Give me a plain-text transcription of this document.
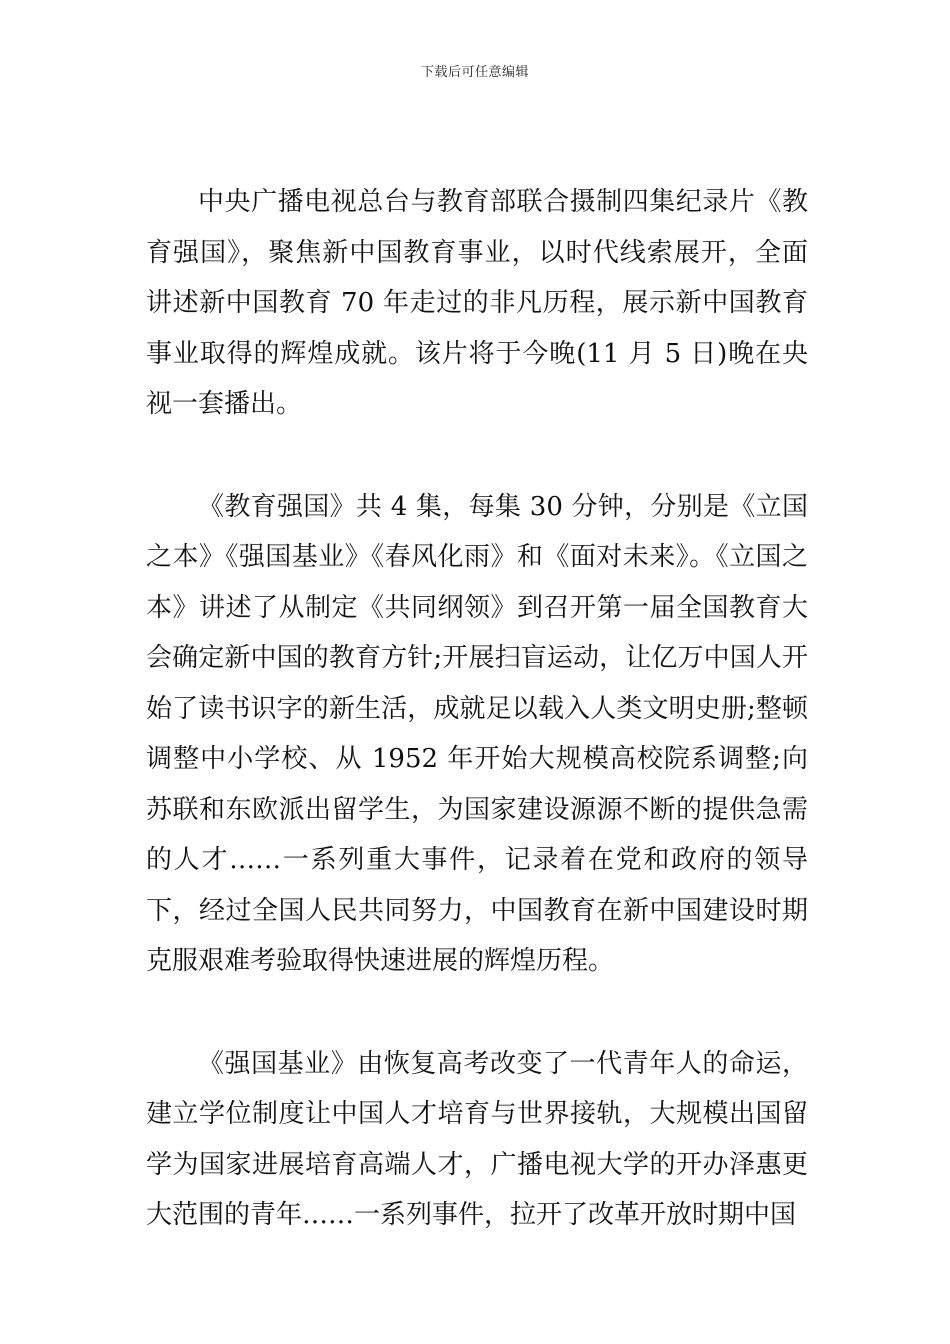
下载后可任意编辑

中央广播电视总台与教育部联合摄制四集纪录片《教育强国》，聚焦新中国教育事业，以时代线索展开，全面讲述新中国教育 70 年走过的非凡历程，展示新中国教育事业取得的辉煌成就。该片将于今晚(11 月 5 日)晚在央视一套播出。

《教育强国》共 4 集，每集 30 分钟，分别是《立国之本》《强国基业》《春风化雨》和《面对未来》。《立国之本》讲述了从制定《共同纲领》到召开第一届全国教育大会确定新中国的教育方针;开展扫盲运动，让亿万中国人开始了读书识字的新生活，成就足以载入人类文明史册;整顿调整中小学校、从 1952 年开始大规模高校院系调整;向苏联和东欧派出留学生，为国家建设源源不断的提供急需的人才……一系列重大事件，记录着在党和政府的领导下，经过全国人民共同努力，中国教育在新中国建设时期克服艰难考验取得快速进展的辉煌历程。

《强国基业》由恢复高考改变了一代青年人的命运，建立学位制度让中国人才培育与世界接轨，大规模出国留学为国家进展培育高端人才，广播电视大学的开办泽惠更大范围的青年……一系列事件，拉开了改革开放时期中国
